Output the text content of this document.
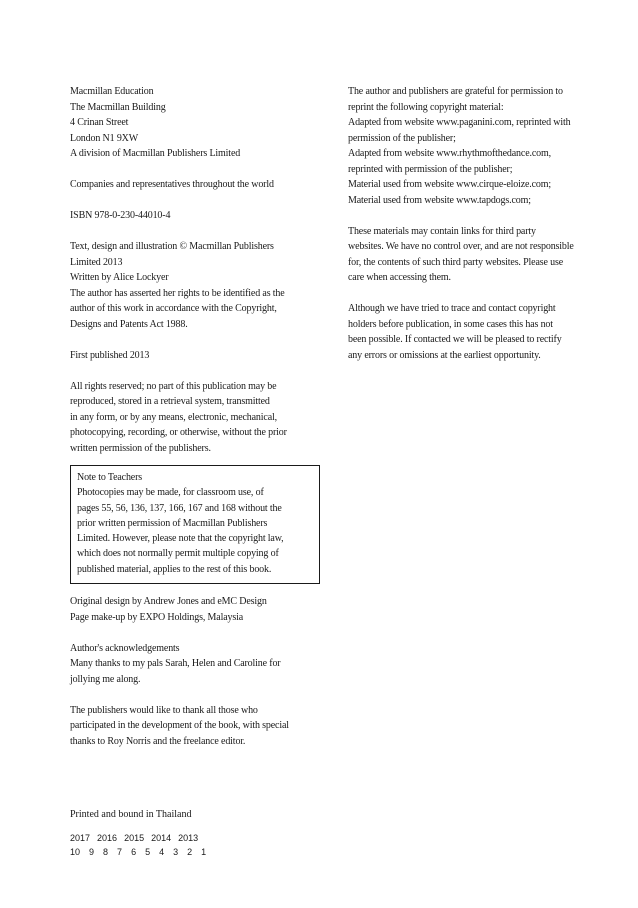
Macmillan Education
The Macmillan Building
4 Crinan Street
London N1 9XW
A division of Macmillan Publishers Limited
Companies and representatives throughout the world
ISBN 978-0-230-44010-4
Text, design and illustration © Macmillan Publishers
Limited 2013
Written by Alice Lockyer
The author has asserted her rights to be identified as the
author of this work in accordance with the Copyright,
Designs and Patents Act 1988.
First published 2013
All rights reserved; no part of this publication may be
reproduced, stored in a retrieval system, transmitted
in any form, or by any means, electronic, mechanical,
photocopying, recording, or otherwise, without the prior
written permission of the publishers.
Note to Teachers
Photocopies may be made, for classroom use, of
pages 55, 56, 136, 137, 166, 167 and 168 without the
prior written permission of Macmillan Publishers
Limited. However, please note that the copyright law,
which does not normally permit multiple copying of
published material, applies to the rest of this book.
Original design by Andrew Jones and eMC Design
Page make-up by EXPO Holdings, Malaysia
Author's acknowledgements
Many thanks to my pals Sarah, Helen and Caroline for
jollying me along.
The publishers would like to thank all those who
participated in the development of the book, with special
thanks to Roy Norris and the freelance editor.
The author and publishers are grateful for permission to
reprint the following copyright material:
Adapted from website www.paganini.com, reprinted with
permission of the publisher;
Adapted from website www.rhythmofthedance.com,
reprinted with permission of the publisher;
Material used from website www.cirque-eloize.com;
Material used from website www.tapdogs.com;
These materials may contain links for third party
websites. We have no control over, and are not responsible
for, the contents of such third party websites. Please use
care when accessing them.
Although we have tried to trace and contact copyright
holders before publication, in some cases this has not
been possible. If contacted we will be pleased to rectify
any errors or omissions at the earliest opportunity.
Printed and bound in Thailand
2017 2016 2015 2014 2013
10 9 8 7 6 5 4 3 2 1
